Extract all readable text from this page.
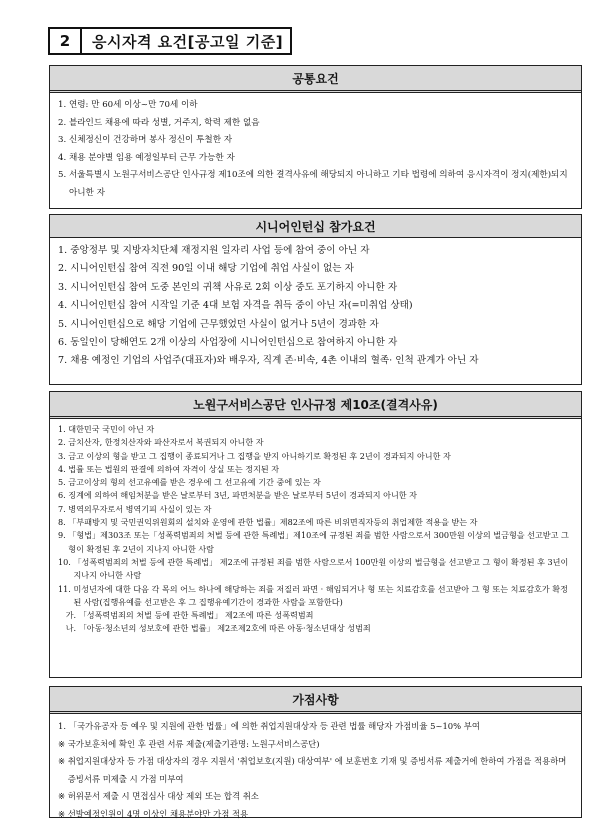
2	응시자격 요건[공고일 기준]
공통요건
1. 연령: 만 60세 이상~만 70세 이하
2. 블라인드 채용에 따라 성별, 거주지, 학력 제한 없음
3. 신체정신이 건강하며 봉사 정신이 투철한 자
4. 채용 분야별 임용 예정일부터 근무 가능한 자
5. 서울특별시 노원구서비스공단 인사규정 제10조에 의한 결격사유에 해당되지 아니하고 기타 법령에 의하여 응시자격이 정지(제한)되지 아니한 자
시니어인턴십 참가요건
1. 중앙정부 및 지방자치단체 재정지원 일자리 사업 등에 참여 중이 아닌 자
2. 시니어인턴십 참여 직전 90일 이내 해당 기업에 취업 사실이 없는 자
3. 시니어인턴십 참여 도중 본인의 귀책 사유로 2회 이상 중도 포기하지 아니한 자
4. 시니어인턴십 참여 시작일 기준 4대 보험 자격을 취득 중이 아닌 자(=미취업 상태)
5. 시니어인턴십으로 해당 기업에 근무했었던 사실이 없거나 5년이 경과한 자
6. 동일인이 당해연도 2개 이상의 사업장에 시니어인턴십으로 참여하지 아니한 자
7. 채용 예정인 기업의 사업주(대표자)와 배우자, 직계 존·비속, 4촌 이내의 혈족· 인척 관계가 아닌 자
노원구서비스공단 인사규정 제10조(결격사유)
1. 대한민국 국민이 아닌 자
2. 금치산자, 한정치산자와 파산자로서 복권되지 아니한 자
3. 금고 이상의 형을 받고 그 집행이 종료되거나 그 집행을 받지 아니하기로 확정된 후 2년이 경과되지 아니한 자
4. 법률 또는 법원의 판결에 의하여 자격이 상실 또는 정지된 자
5. 금고이상의 형의 선고유예를 받은 경우에 그 선고유예 기간 중에 있는 자
6. 징계에 의하여 해임처분을 받은 날로부터 3년, 파면처분을 받은 날로부터 5년이 경과되지 아니한 자
7. 병역의무자로서 병역기피 사실이 있는 자
8. 「부패방지 및 국민권익위원회의 설치와 운영에 관한 법률」제82조에 따른 비위면직자등의 취업제한 적용을 받는 자
9. 「형법」제303조 또는「성폭력범죄의 처벌 등에 관한 특례법」제10조에 규정된 죄를 범한 사람으로서 300만원 이상의 벌금형을 선고받고 그 형이 확정된 후 2년이 지나지 아니한 사람
10. 「성폭력범죄의 처벌 등에 관한 특례법」 제2조에 규정된 죄를 범한 사람으로서 100만원 이상의 벌금형을 선고받고 그 형이 확정된 후 3년이 지나지 아니한 사람
11. 미성년자에 대한 다음 각 목의 어느 하나에 해당하는 죄를 저질러 파면 · 해임되거나 형 또는 치료감호를 선고받아 그 형 또는 치료감호가 확정된 사람(집행유예를 선고받은 후 그 집행유예기간이 경과한 사람을 포함한다)
가. 「성폭력범죄의 처벌 등에 관한 특례법」 제2조에 따른 성폭력범죄
나. 「아동·청소년의 성보호에 관한 법률」 제2조제2호에 따른 아동·청소년대상 성범죄
가점사항
1. 「국가유공자 등 예우 및 지원에 관한 법률」에 의한 취업지원대상자 등 관련 법률 해당자 가점비율 5~10% 부여
※ 국가보훈처에 확인 후 관련 서류 제출(제출기관명: 노원구서비스공단)
※ 취업지원대상자 등 가점 대상자의 경우 지원서 '취업보호(지원) 대상여부' 에 보훈번호 기재 및 증빙서류 제출거에 한하여 가점을 적용하며 증빙서류 미제출 시 가점 미부여
※ 허위문서 제출 시 면접심사 대상 제외 또는 합격 취소
※ 선발예정인원이 4명 이상인 채용분야만 가점 적용
